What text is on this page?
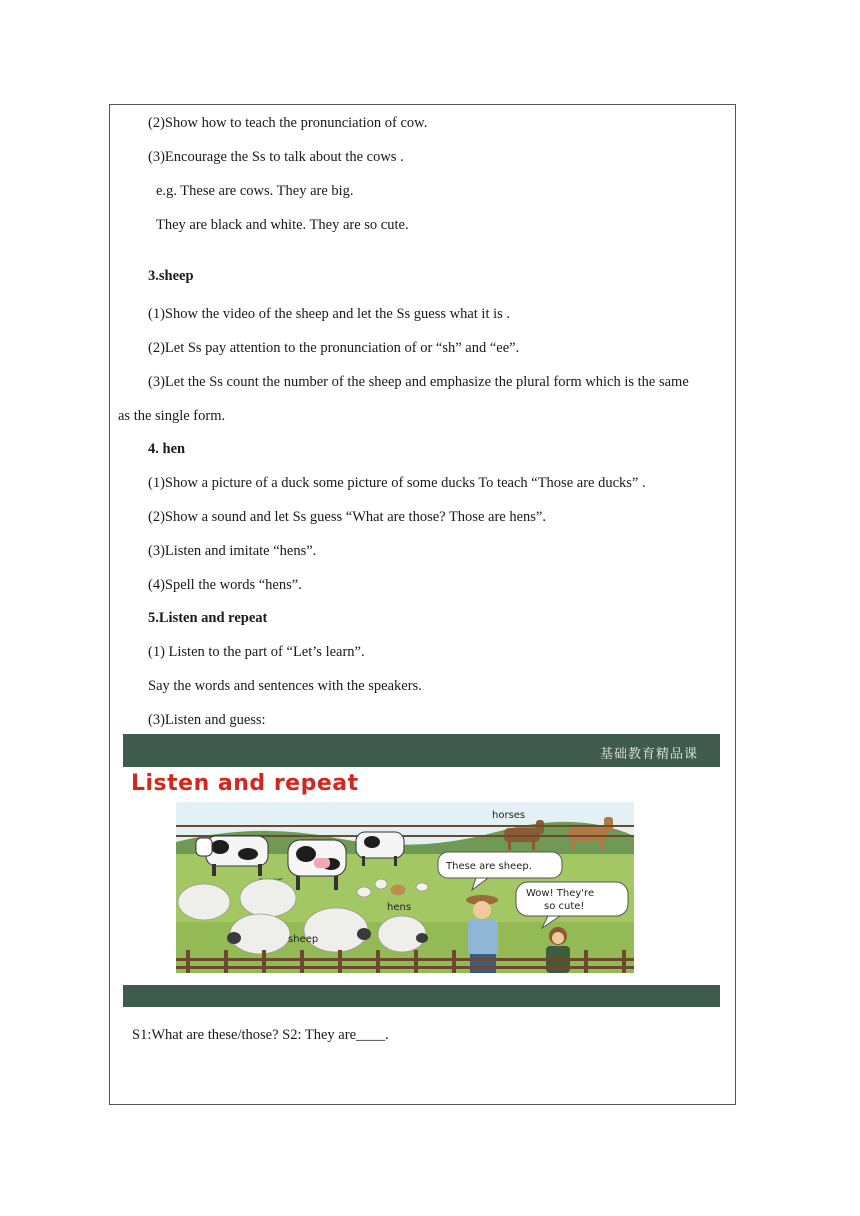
(2)Show how to teach the pronunciation of cow.
(3)Encourage the Ss to talk about the cows .
e.g. These are cows. They are big.
They are black and white. They are so cute.
3.sheep
(1)Show the video of the sheep and let the Ss guess what it is .
(2)Let Ss pay attention to the pronunciation of or “sh” and “ee”.
(3)Let the Ss count the number of the sheep and emphasize the plural form which is the same
as the single form.
4. hen
(1)Show a picture of a duck some picture of some ducks To teach “Those are ducks” .
(2)Show a sound and let Ss guess “What are those? Those are hens”.
(3)Listen and imitate “hens”.
(4)Spell the words “hens”.
5.Listen and repeat
(1) Listen to the part of “Let’s learn”.
Say the words and sentences with the speakers.
(3)Listen and guess:
基础教育精品课
Listen and repeat
horses
hens
sheep
These are sheep.
Wow! They're
so cute!
S1:What are these/those? S2: They are____.
